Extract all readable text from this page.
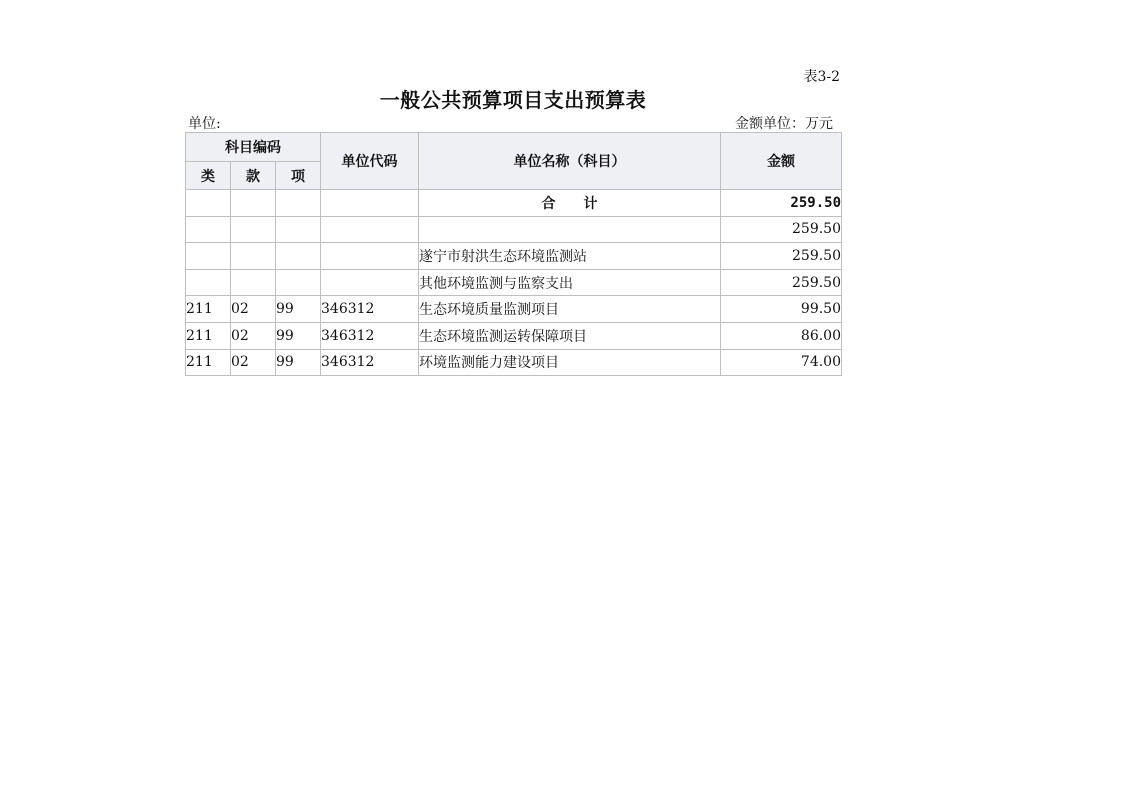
表3-2
一般公共预算项目支出预算表
单位:	金额单位：万元
科目编码			单位代码	单位名称（科目）	金额
类	款	项			
				合　　计	259.50
					259.50
				遂宁市射洪生态环境监测站	259.50
				其他环境监测与监察支出	259.50
211	02	99	346312	生态环境质量监测项目	99.50
211	02	99	346312	生态环境监测运转保障项目	86.00
211	02	99	346312	环境监测能力建设项目	74.00
